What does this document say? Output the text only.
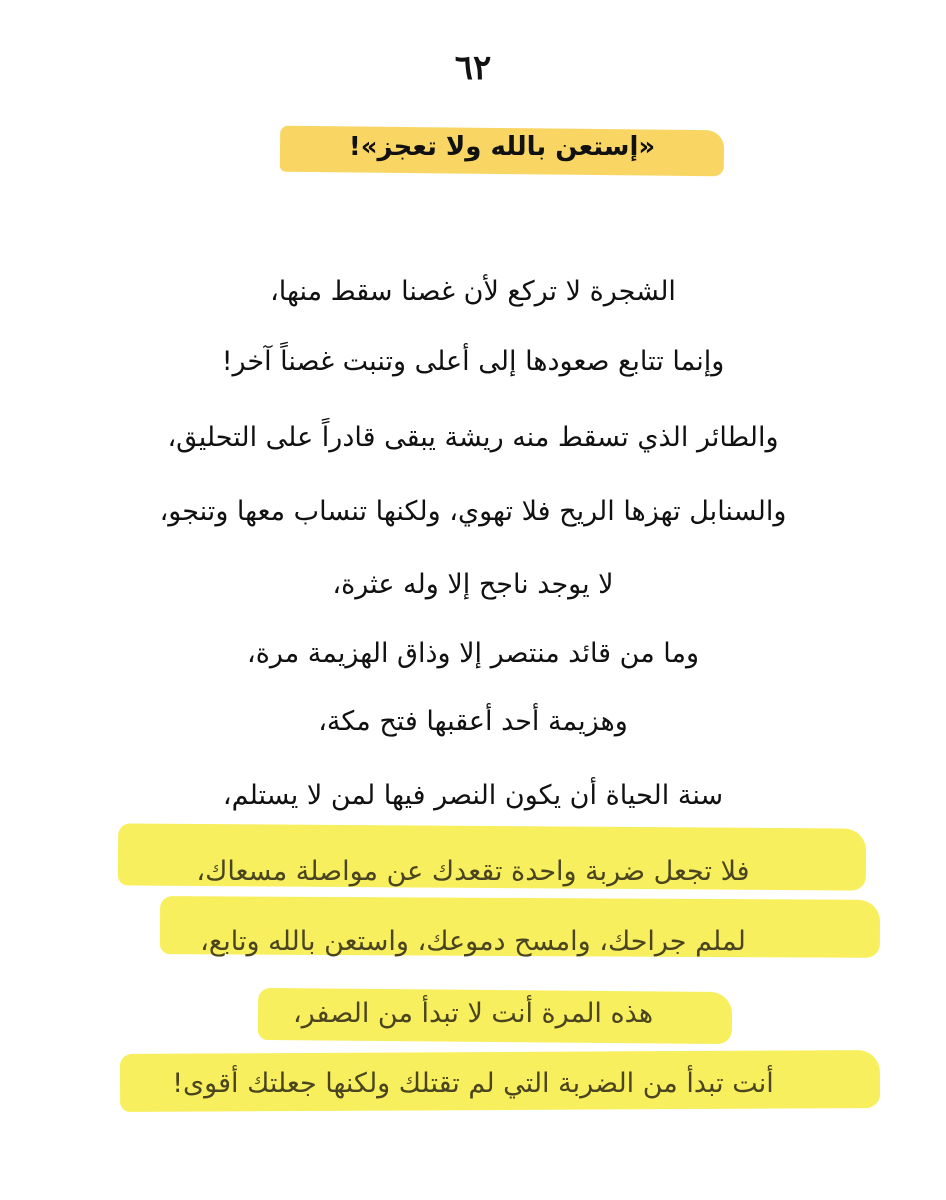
٦٢
«إستعن بالله ولا تعجز»!
الشجرة لا تركع لأن غصنا سقط منها،
وإنما تتابع صعودها إلى أعلى وتنبت غصناً آخر!
والطائر الذي تسقط منه ريشة يبقى قادراً على التحليق،
والسنابل تهزها الريح فلا تهوي، ولكنها تنساب معها وتنجو،
لا يوجد ناجح إلا وله عثرة،
وما من قائد منتصر إلا وذاق الهزيمة مرة،
وهزيمة أحد أعقبها فتح مكة،
سنة الحياة أن يكون النصر فيها لمن لا يستلم،
فلا تجعل ضربة واحدة تقعدك عن مواصلة مسعاك،
لملم جراحك، وامسح دموعك، واستعن بالله وتابع،
هذه المرة أنت لا تبدأ من الصفر،
أنت تبدأ من الضربة التي لم تقتلك ولكنها جعلتك أقوى!
